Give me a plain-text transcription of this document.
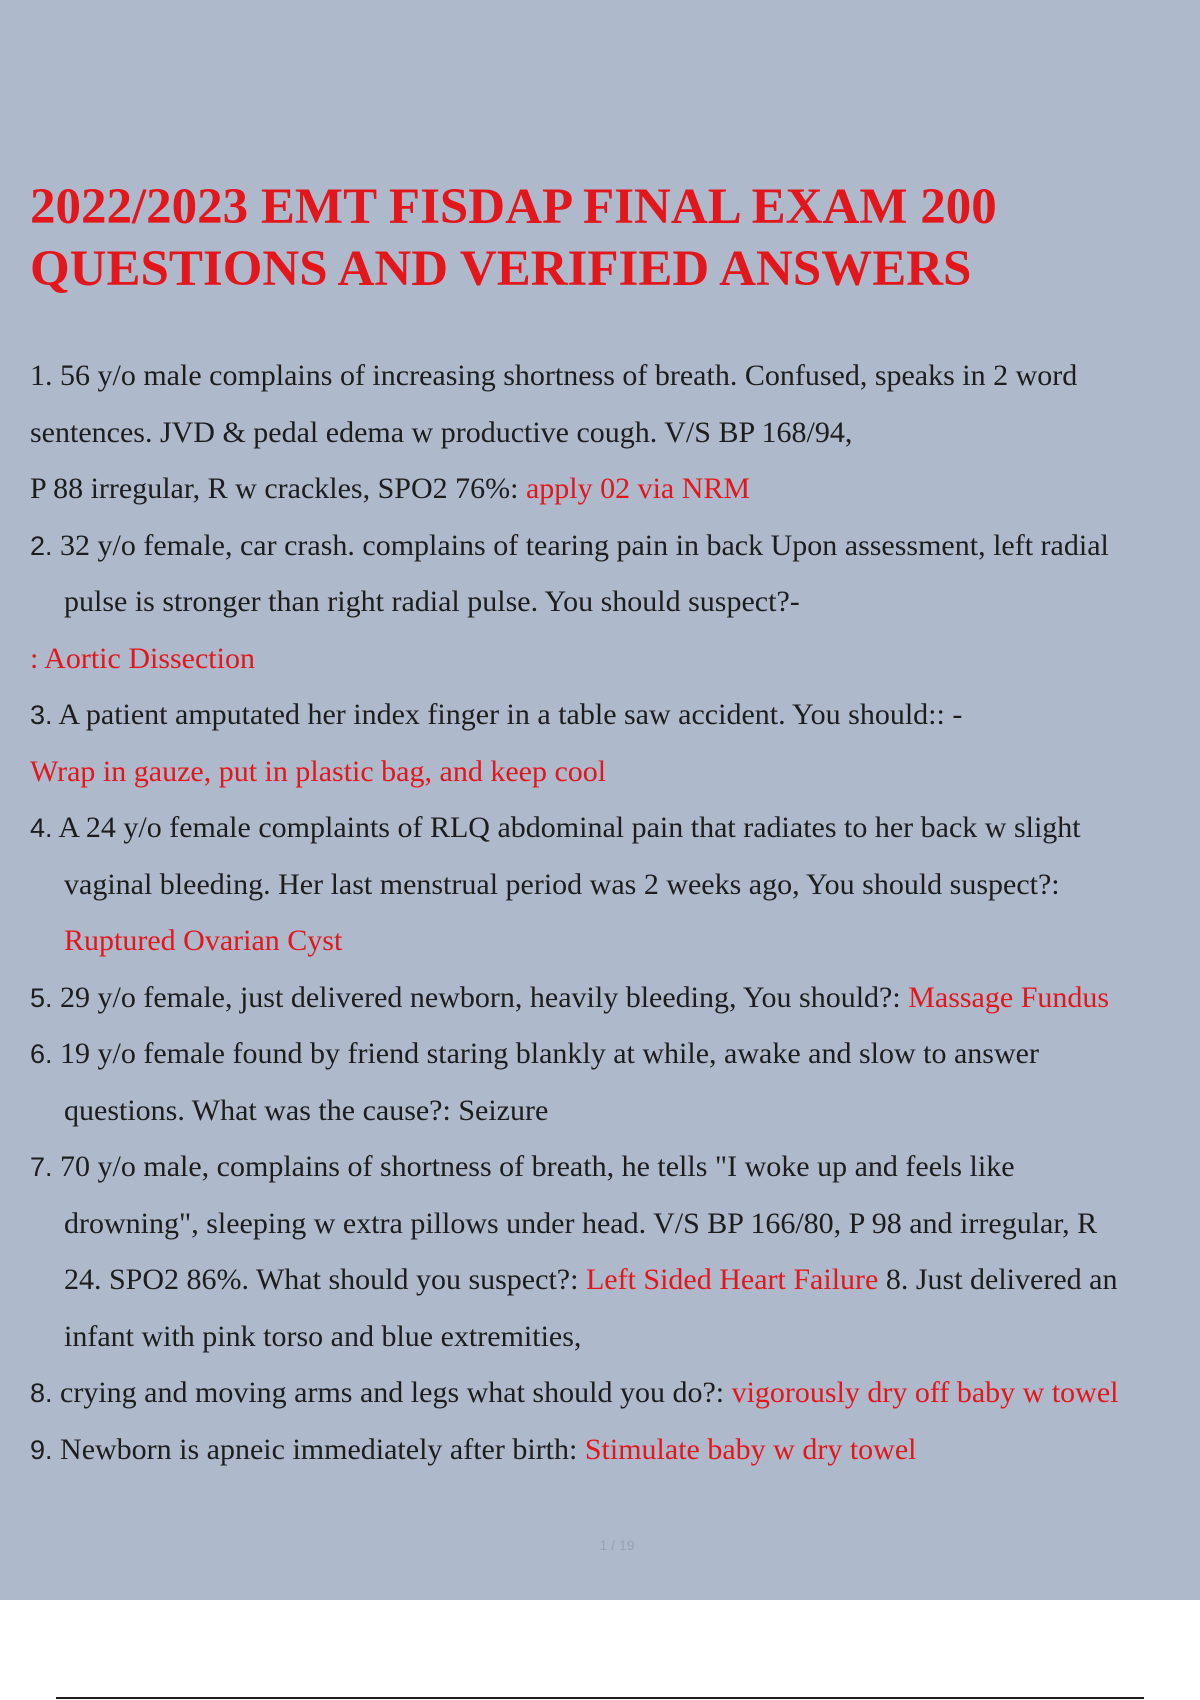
2022/2023 EMT FISDAP FINAL EXAM 200
QUESTIONS AND VERIFIED ANSWERS
1. 56 y/o male complains of increasing shortness of breath. Confused, speaks in 2 word
sentences. JVD & pedal edema w productive cough. V/S BP 168/94,
P 88 irregular, R w crackles, SPO2 76%: apply 02 via NRM
2. 32 y/o female, car crash. complains of tearing pain in back Upon assessment, left radial
pulse is stronger than right radial pulse. You should suspect?-
: Aortic Dissection
3. A patient amputated her index finger in a table saw accident. You should:: -
Wrap in gauze, put in plastic bag, and keep cool
4. A 24 y/o female complaints of RLQ abdominal pain that radiates to her back w slight
vaginal bleeding. Her last menstrual period was 2 weeks ago, You should suspect?:
Ruptured Ovarian Cyst
5. 29 y/o female, just delivered newborn, heavily bleeding, You should?: Massage Fundus
6. 19 y/o female found by friend staring blankly at while, awake and slow to answer
questions. What was the cause?: Seizure
7. 70 y/o male, complains of shortness of breath, he tells "I woke up and feels like
drowning", sleeping w extra pillows under head. V/S BP 166/80, P 98 and irregular, R
24. SPO2 86%. What should you suspect?: Left Sided Heart Failure 8. Just delivered an
infant with pink torso and blue extremities,
8. crying and moving arms and legs what should you do?: vigorously dry off baby w towel
9. Newborn is apneic immediately after birth: Stimulate baby w dry towel
1 / 19
